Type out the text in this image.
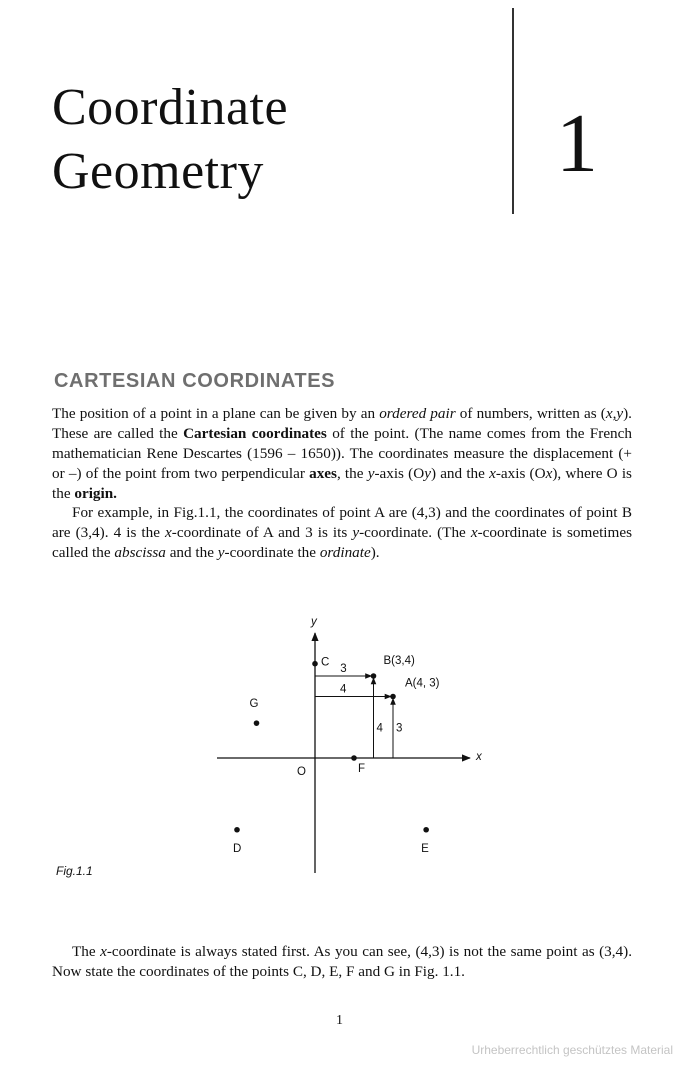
Coordinate
Geometry	1
CARTESIAN COORDINATES

The position of a point in a plane can be given by an ordered pair of numbers, written as (x,y). These are called the Cartesian coordinates of the point. (The name comes from the French mathematician Rene Descartes (1596 – 1650)). The coordinates measure the displacement (+ or –) of the point from two perpendicular axes, the y-axis (Oy) and the x-axis (Ox), where O is the origin.

For example, in Fig.1.1, the coordinates of point A are (4,3) and the coordinates of point B are (3,4). 4 is the x-coordinate of A and 3 is its y-coordinate. (The x-coordinate is sometimes called the abscissa and the y-coordinate the ordinate).

x
y
O
3
4
4 3
A(4, 3)
B(3,4)
C
D	E
F
G
Fig.1.1

The x-coordinate is always stated first. As you can see, (4,3) is not the same point as (3,4). Now state the coordinates of the points C, D, E, F and G in Fig. 1.1.

1
Urheberrechtlich geschütztes Material
